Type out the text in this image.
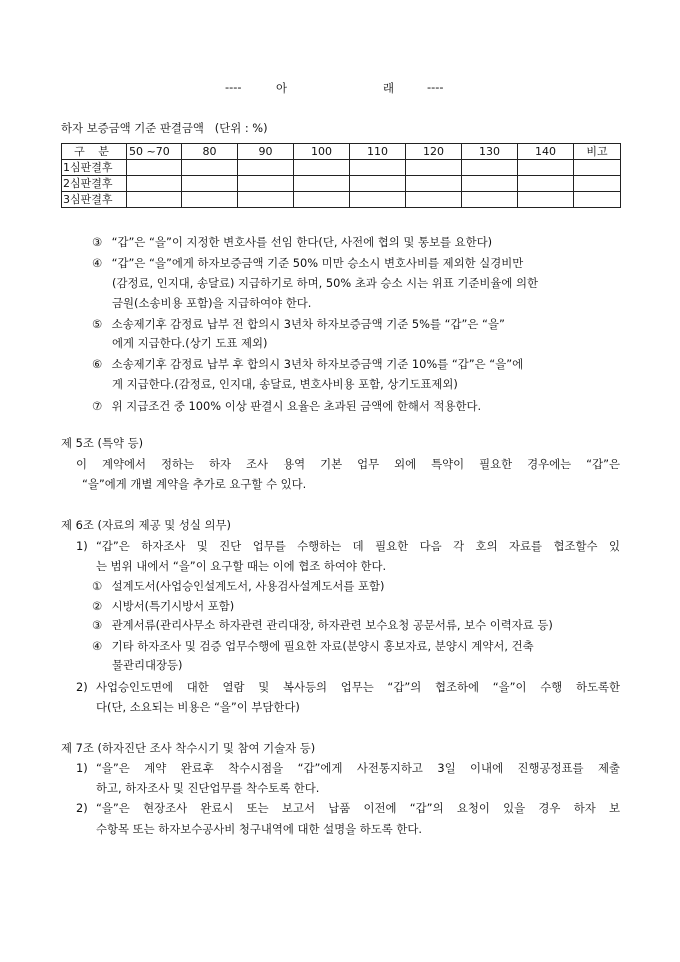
----	아	래	----
하자 보증금액 기준 판결금액   (단위 : %)
구 분	50 ~70	80	90	100	110	120	130	140	비고
1심판결후									
2심판결후									
3심판결후									
③ “갑”은 “을”이 지정한 변호사를 선임 한다(단, 사전에 협의 및 통보를 요한다)
④ “갑”은 “을”에게 하자보증금액 기준 50% 미만 승소시 변호사비를 제외한 실경비만
(감정료, 인지대, 송달료) 지급하기로 하며, 50% 초과 승소 시는 위표 기준비율에 의한
금원(소송비용 포함)을 지급하여야 한다.
⑤ 소송제기후 감정료 납부 전 합의시 3년차 하자보증금액 기준 5%를 “갑”은 “을”
에게 지급한다.(상기 도표 제외)
⑥ 소송제기후 감정료 납부 후 합의시 3년차 하자보증금액 기준 10%를 “갑”은 “을”에
게 지급한다.(감정료, 인지대, 송달료, 변호사비용 포함, 상기도표제외)
⑦ 위 지급조건 중 100% 이상 판결시 요율은 초과된 금액에 한해서 적용한다.
제 5조 (특약 등)
이 계약에서 정하는 하자 조사 용역 기본 업무 외에 특약이 필요한 경우에는 “갑”은
“을”에게 개별 계약을 추가로 요구할 수 있다.
제 6조 (자료의 제공 및 성실 의무)
1) “갑”은 하자조사 및 진단 업무를 수행하는 데 필요한 다음 각 호의 자료를 협조할수 있
는 범위 내에서 “을”이 요구할 때는 이에 협조 하여야 한다.
① 설계도서(사업승인설계도서, 사용검사설계도서를 포함)
② 시방서(특기시방서 포함)
③ 관계서류(관리사무소 하자관련 관리대장, 하자관련 보수요청 공문서류, 보수 이력자료 등)
④ 기타 하자조사 및 검증 업무수행에 필요한 자료(분양시 홍보자료, 분양시 계약서, 건축
물관리대장등)
2) 사업승인도면에 대한 열람 및 복사등의 업무는 “갑”의 협조하에 “을”이 수행 하도록한
다(단, 소요되는 비용은 “을”이 부담한다)
제 7조 (하자진단 조사 착수시기 및 참여 기술자 등)
1) “을”은 계약 완료후 착수시점을 “갑”에게 사전통지하고 3일 이내에 진행공정표를 제출
하고, 하자조사 및 진단업무를 착수토록 한다.
2) “을”은 현장조사 완료시 또는 보고서 납품 이전에 “갑”의 요청이 있을 경우 하자 보
수항목 또는 하자보수공사비 청구내역에 대한 설명을 하도록 한다.
